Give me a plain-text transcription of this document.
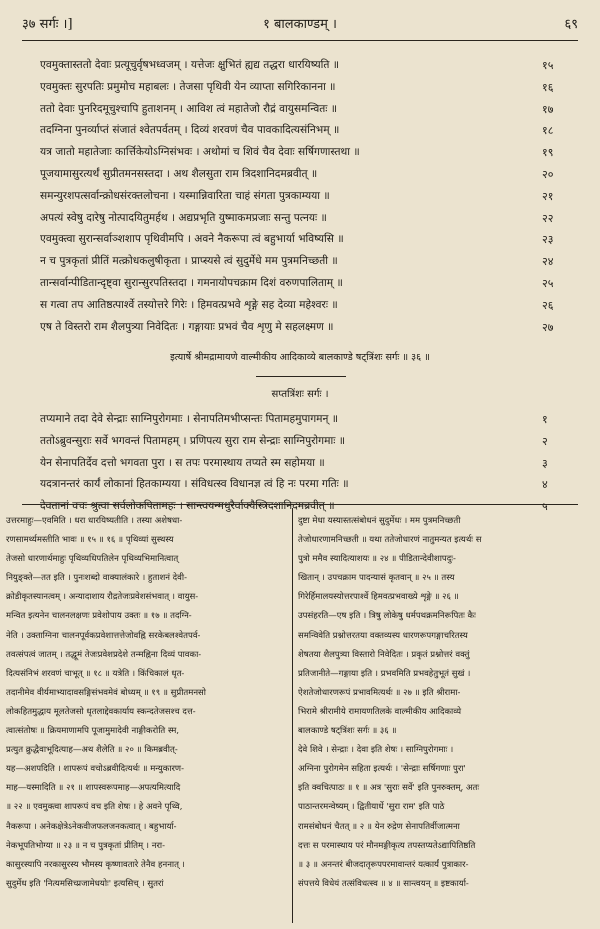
३७ सर्गः ।]	१ बालकाण्डम् ।	६९
एवमुक्तास्ततो देवाः प्रत्यूचुर्वृषभध्वजम् । यत्तेजः क्षुभितं ह्यद्य तद्धरा धारयिष्यति ॥	१५
एवमुक्तः सुरपतिः प्रमुमोच महाबलः । तेजसा पृथिवी येन व्याप्ता सगिरिकानना ॥	१६
ततो देवाः पुनरिदमूचुश्चापि हुताशनम् । आविश त्वं महातेजो रौद्रं वायुसमन्वितः ॥	१७
तदग्निना पुनर्व्याप्तं संजातं श्वेतपर्वतम् । दिव्यं शरवणं चैव पावकादित्यसंनिभम् ॥	१८
यत्र जातो महातेजाः कार्त्तिकेयोऽग्निसंभवः । अथोमां च शिवं चैव देवाः सर्षिगणास्तथा ॥	१९
पूजयामासुरत्यर्थं सुप्रीतमनसस्तदा । अथ शैलसुता राम त्रिदशानिदमब्रवीत् ॥	२०
समन्युरशपत्सर्वान्क्रोधसंरक्तलोचना । यस्मान्निवारिता चाहं संगता पुत्रकाम्यया ॥	२१
अपत्यं स्वेषु दारेषु नोत्पादयितुमर्हथ । अद्यप्रभृति युष्माकमप्रजाः सन्तु पत्नयः ॥	२२
एवमुक्त्वा सुरान्सर्वाञ्शशाप पृथिवीमपि । अवने नैकरूपा त्वं बहुभार्या भविष्यसि ॥	२३
न च पुत्रकृतां प्रीतिं मत्क्रोधकलुषीकृता । प्राप्स्यसे त्वं सुदुर्मेधे मम पुत्रमनिच्छती ॥	२४
तान्सर्वान्पीडितान्दृष्ट्वा सुरान्सुरपतिस्तदा । गमनायोपचक्राम दिशं वरुणपालिताम् ॥	२५
स गत्वा तप आतिष्ठत्पार्श्वे तस्योत्तरे गिरेः । हिमवत्प्रभवे शृङ्गे सह देव्या महेश्वरः ॥	२६
एष ते विस्तरो राम शैलपुत्र्या निवेदितः । गङ्गायाः प्रभवं चैव शृणु मे सहलक्ष्मण ॥	२७
इत्यार्षे श्रीमद्रामायणे वाल्मीकीय आदिकाव्ये बालकाण्डे षट्त्रिंशः सर्गः ॥ ३६ ॥
सप्तत्रिंशः सर्गः ।
तप्यमाने तदा देवे सेन्द्राः साग्निपुरोगमाः । सेनापतिमभीप्सन्तः पितामहमुपागमन् ॥	१
ततोऽब्रुवन्सुराः सर्वे भगवन्तं पितामहम् । प्रणिपत्य सुरा राम सेन्द्राः साग्निपुरोगमाः ॥	२
येन सेनापतिर्देव दत्तो भगवता पुरा । स तपः परमास्थाय तप्यते स्म सहोमया ॥	३
यदत्रानन्तरं कार्यं लोकानां हितकाम्यया । संविधत्स्व विधानज्ञ त्वं हि नः परमा गतिः ॥	४
देवतानां वचः श्रुत्वा सर्वलोकपितामहः । सान्त्वयन्मधुरैर्वाक्यैस्त्रिदशानिदमब्रवीत् ॥	५
उत्तरमाहुः—एवमिति । धरा धारयिष्यतीति । तस्या अशेषधा-
रणसामर्थ्यमस्तीति भावः ॥ १५ ॥ १६ ॥ पृथिव्यां सुस्थस्य
तेजसो धारणार्थमाहुः पृथिव्यधिपतिलेन पृथिव्यभिमानित्वात्
नियुङ्क्ते—तत इति । पुनःशब्दो वाक्यालंकारे । हुताशनं देवी-
क्रोडीकृतस्यानत्वम् । अन्यादाशाय रौद्रतेजःप्रवेशसंभवात् । वायुस-
मन्वित इत्यनेन चालनलक्षणः प्रवेशोपाय उक्तः ॥ १७ ॥ तदग्नि-
नेति । उक्ताग्निना चालनपूर्वकप्रवेशात्तत्तेजोवह्नि सरकेबलश्वेतपर्व-
तवत्संपत्वं जातम् । तद्धूमं तेजःप्रवेशप्रदेशे तन्मह्निना दिव्यं पावका-
दित्यसंनिभं शरवणं चाभूत् ॥ १८ ॥ यत्रेति । किंचिकालं धृत-
तदानीमेव वीर्यमाभ्यादावसङ्गिसंभवमेवं बोध्यम् ॥ १९ ॥ सुप्रीतमनसो
लोकहितमुद्धाय मूलतेजसो धृतलाद्देवकार्याय स्कन्दतेजसश्च दत्त-
त्वात्संतोषः ॥ क्रियमाणामपि पूजामुमादेवी नाङ्गीकरोति स्म,
प्रत्युत क्रुद्धैवाभूदित्याह—अथ शैलेति ॥ २० ॥ किमब्रवीत्-
यह—अशपदिति । शापरूपं वचोऽब्रवीदित्यर्थः ॥ मन्युकारण-
माह—यस्मादिति ॥ २१ ॥ शापस्वरूपमाह—अपत्यमित्यादि
॥ २२ ॥ एवमुक्त्वा शापरूपं वच इति शेषः । हे अवने पृथ्वि,
नैकरूपा । अनेकक्षेत्रेऽनेकवीजफलजनकत्वात् । बहुभार्या-
नेकभूपतिभोग्या ॥ २३ ॥ न च पुत्रकृतां प्रीतिम् । नरा-
कासुरस्यापि नरकासुरस्य भौमस्य कृष्णावतारे तेनैव हननात् ।
सुदुर्मेध इति 'नित्यमसिच्प्रजामेधयोः' इत्यसिच् । सुतरां
दुष्टा मेधा यस्यास्तत्संबोधनं सुदुर्मेधः । मम पुत्रमनिच्छती
तेजोधारणामनिच्छती ॥ यथा ततेजोधारणं नातुमन्यत इत्यर्थः स
पुत्रो ममैव स्यादित्याशयः ॥ २४ ॥ पीडितान्देवीशापदुः-
खितान् । उपचक्राम पादन्यासं कृतवान् ॥ २५ ॥ तस्य
गिरेर्हिमालयस्योत्तरपार्श्वे हिमवत्प्रभवाख्ये शृङ्गे ॥ २६ ॥
उपसंहरति—एष इति । त्रिषु लोकेषु धर्मपथक्रमनिरूपितः कैः
समन्विवेति प्रश्नोत्तरतया वक्तव्यस्य धारणरूपगङ्गाचरितस्य
शेषतया शैलपुत्र्या विस्तारो निवेदितः । प्रकृतं प्रश्नोत्तरं वक्तुं
प्रतिजानीते—गङ्गाया इति । प्रभवमिति प्रभवहेतुभूतं सुखं ।
ऐशतेजोधारणरूपं प्रभावमित्यर्थः ॥ २७ ॥ इति श्रीरामा-
भिरामे श्रीरामीये रामायणतिलके वाल्मीकीय आदिकाव्ये
बालकाण्डे षट्त्रिंशः सर्गः ॥ ३६ ॥
देवे शिवे । सेन्द्राः । देवा इति शेषः । साग्निपुरोगमाः ।
अग्निना पुरोगमेन सहिता इत्यर्थः । 'सेन्द्राः सर्षिगणाः पुरा'
इति क्वचित्पाठः ॥ १ ॥ अत्र 'सुराः सर्वे' इति पुनरुक्तम्, अतः
पाठान्तरमन्वेष्यम् । द्वितीयार्धे 'सुरा राम' इति पाठे
रामसंबोधनं चैतत् ॥ २ ॥ येन रुद्रेण सेनापतिर्वीजात्मना
दत्तः स परमास्थाय परं मौनमङ्गीकृत्य तपस्तप्यतेऽद्यापितिष्ठति
॥ ३ ॥ अनन्तरं बीजदातृरूपपरमावान्तरं यत्कार्यं पुत्राकार-
संपत्तये विधेयं तत्संविधत्स्व ॥ ४ ॥ सान्त्वयन् ॥ इष्टकार्या-
